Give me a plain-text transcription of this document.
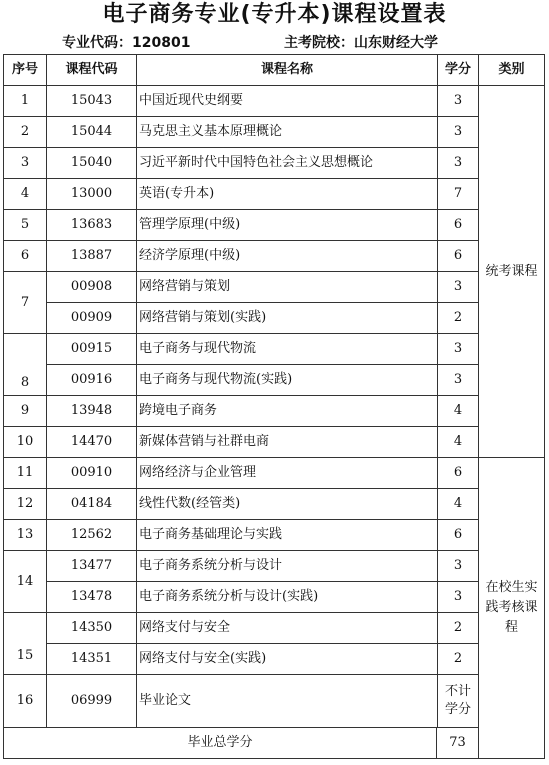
电子商务专业(专升本)课程设置表
专业代码：120801	主考院校：山东财经大学
序号	课程代码	课程名称	学分	类别	
1	15043	中国近现代史纲要	3	统考课程	
2	15044	马克思主义基本原理概论	3		
3	15040	习近平新时代中国特色社会主义思想概论	3		
4	13000	英语(专升本)	7		
5	13683	管理学原理(中级)	6		
6	13887	经济学原理(中级)	6		
7	00908	网络营销与策划	3		
	00909	网络营销与策划(实践)	2		
8	00915	电子商务与现代物流	3		
	00916	电子商务与现代物流(实践)	3		
9	13948	跨境电子商务	4		
10	14470	新媒体营销与社群电商	4		
11	00910	网络经济与企业管理	6	在校生实践考核课程	
12	04184	线性代数(经管类)	4		
13	12562	电子商务基础理论与实践	6		
14	13477	电子商务系统分析与设计	3		
	13478	电子商务系统分析与设计(实践)	3		
15	14350	网络支付与安全	2		
	14351	网络支付与安全(实践)	2		
16	06999	毕业论文	不计学分		

毕业总学分 73					
